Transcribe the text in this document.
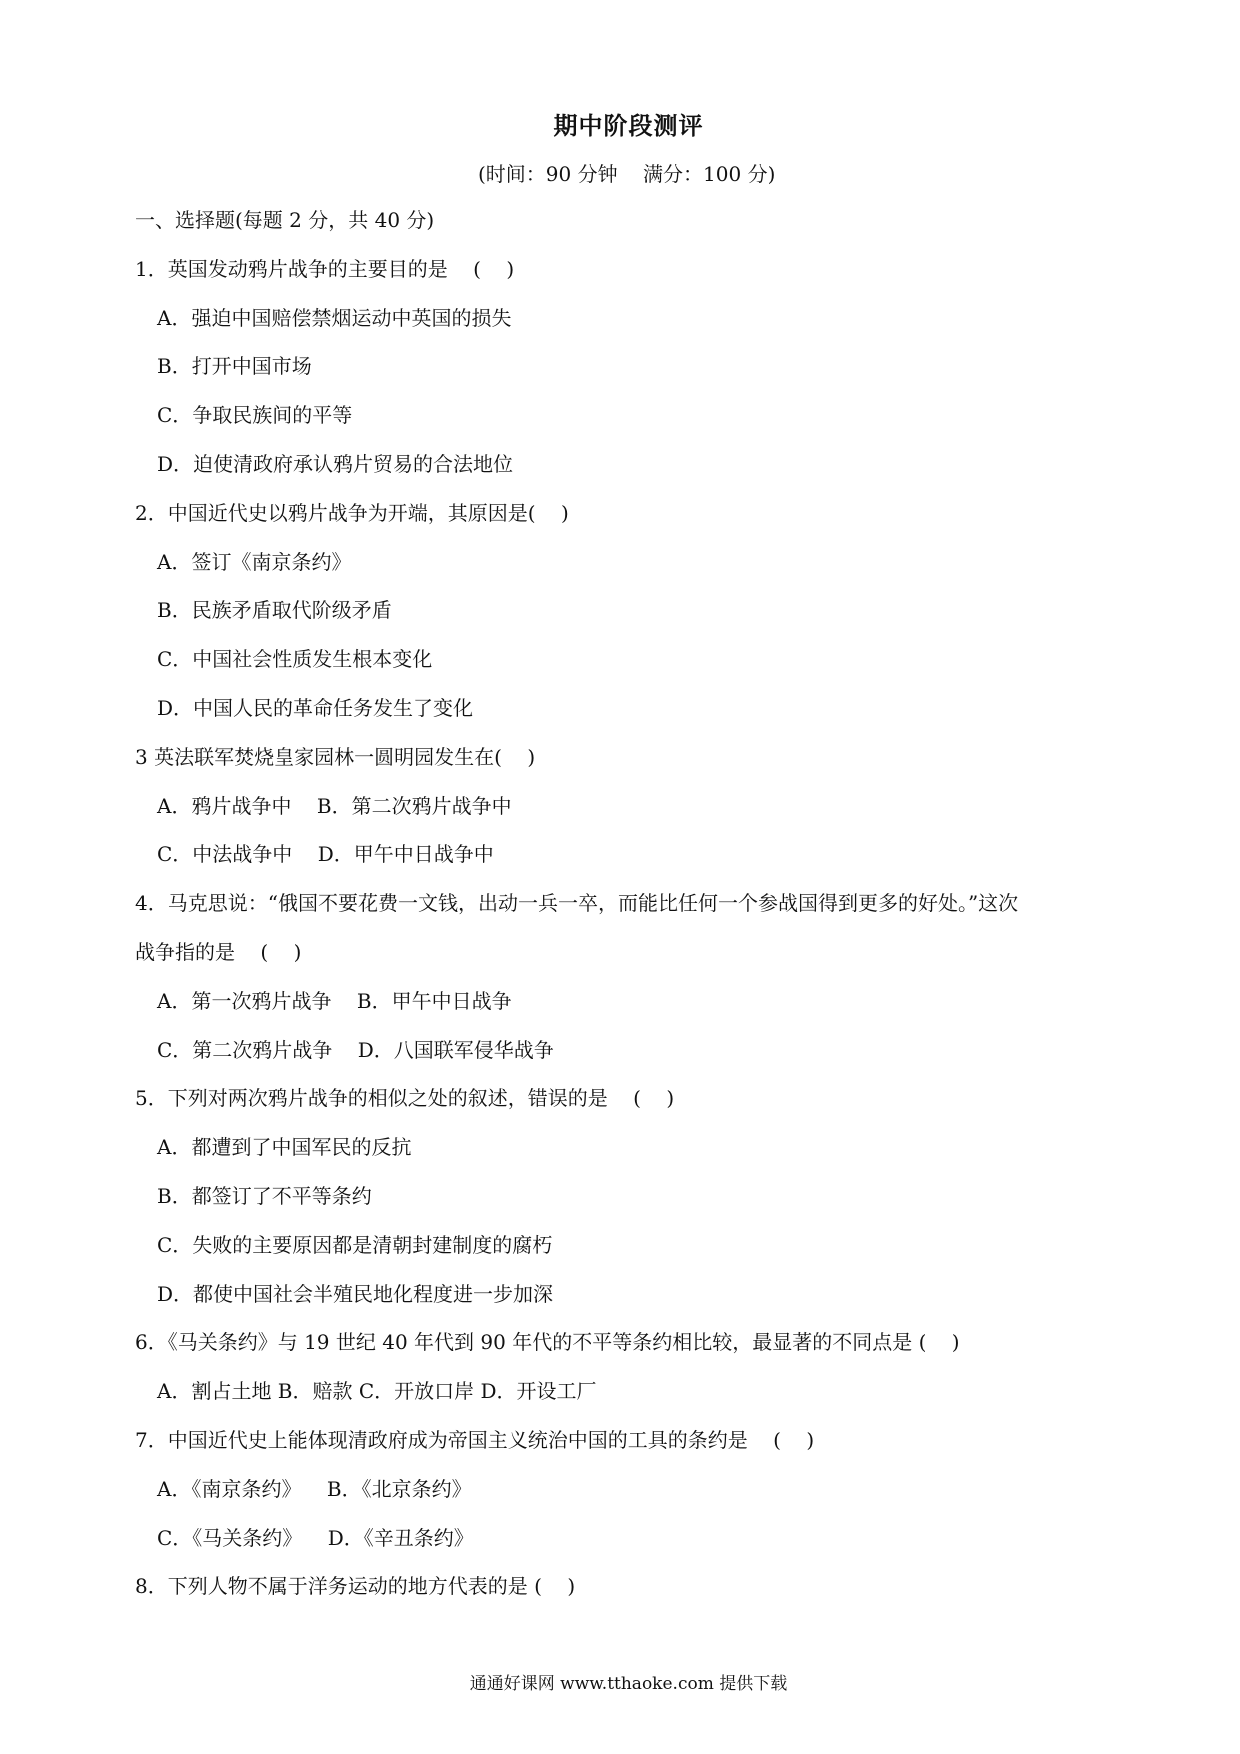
期中阶段测评
(时间：90 分钟    满分：100 分)
一、选择题(每题 2 分，共 40 分)
1．英国发动鸦片战争的主要目的是    (    )
A．强迫中国赔偿禁烟运动中英国的损失
B．打开中国市场
C．争取民族间的平等
D．迫使清政府承认鸦片贸易的合法地位
2．中国近代史以鸦片战争为开端，其原因是(    )
A．签订《南京条约》
B．民族矛盾取代阶级矛盾
C．中国社会性质发生根本变化
D．中国人民的革命任务发生了变化
3 英法联军焚烧皇家园林一圆明园发生在(    )
A．鸦片战争中    B．第二次鸦片战争中
C．中法战争中    D．甲午中日战争中
4．马克思说：“俄国不要花费一文钱，出动一兵一卒，而能比任何一个参战国得到更多的好处。”这次
战争指的是    (    )
A．第一次鸦片战争    B．甲午中日战争
C．第二次鸦片战争    D．八国联军侵华战争
5．下列对两次鸦片战争的相似之处的叙述，错误的是    (    )
A．都遭到了中国军民的反抗
B．都签订了不平等条约
C．失败的主要原因都是清朝封建制度的腐朽
D．都使中国社会半殖民地化程度进一步加深
6．《马关条约》与 19 世纪 40 年代到 90 年代的不平等条约相比较，最显著的不同点是 (    )
A．割占土地 B．赔款 C．开放口岸 D．开设工厂
7．中国近代史上能体现清政府成为帝国主义统治中国的工具的条约是    (    )
A．《南京条约》    B．《北京条约》
C．《马关条约》    D．《辛丑条约》
8．下列人物不属于洋务运动的地方代表的是 (    )
通通好课网 www.tthaoke.com 提供下载
